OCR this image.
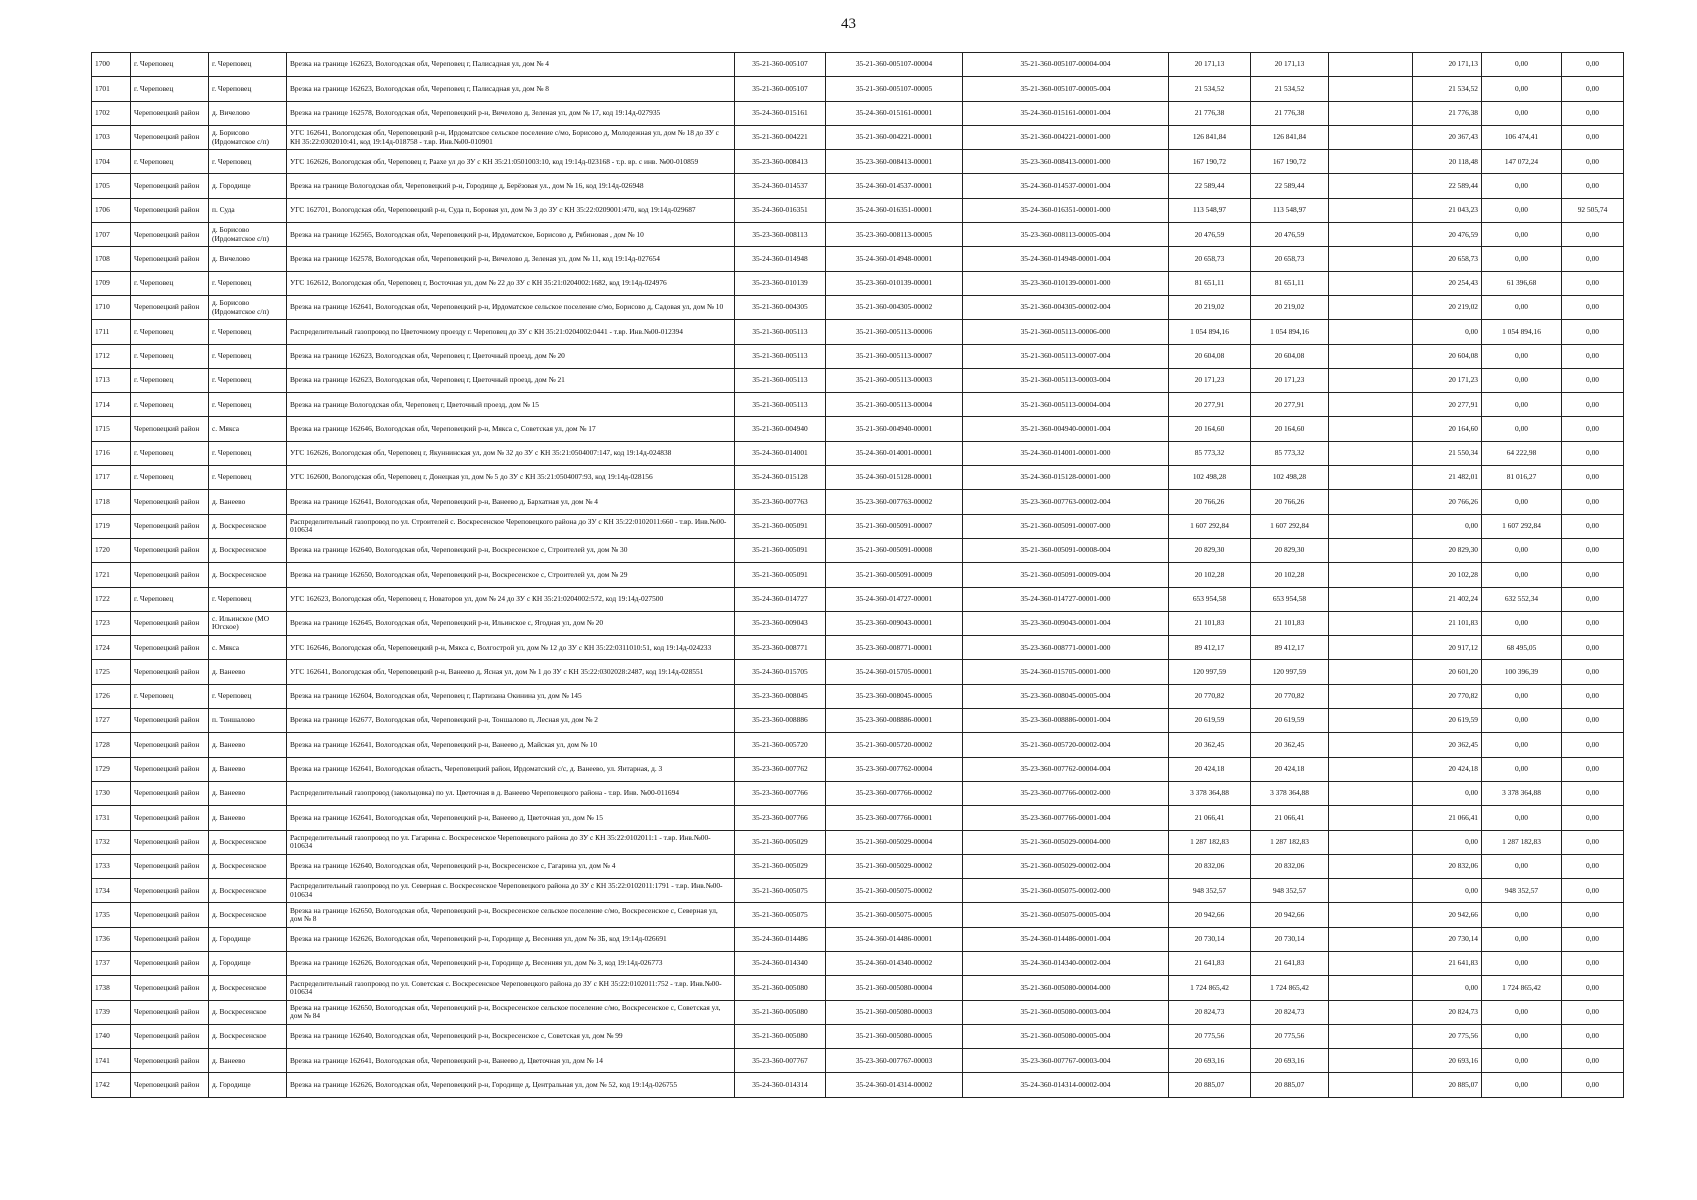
43
1700	г. Череповец	г. Череповец	Врезка на границе 162623, Вологодская обл, Череповец г, Палисадная ул, дом № 4	35-21-360-005107	35-21-360-005107-00004	35-21-360-005107-00004-004	20 171,13	20 171,13		20 171,13	0,00	0,00
1701	г. Череповец	г. Череповец	Врезка на границе 162623, Вологодская обл, Череповец г, Палисадная ул, дом № 8	35-21-360-005107	35-21-360-005107-00005	35-21-360-005107-00005-004	21 534,52	21 534,52		21 534,52	0,00	0,00
1702	Череповецкий район	д. Вичелово	Врезка на границе 162578, Вологодская обл, Череповецкий р-н, Вичелово д, Зеленая ул, дом № 17, код 19:14д-027935	35-24-360-015161	35-24-360-015161-00001	35-24-360-015161-00001-004	21 776,38	21 776,38		21 776,38	0,00	0,00
1703	Череповецкий район	д. Борисово (Ирдоматское с/п)	УГС 162641, Вологодская обл, Череповецкий р-н, Ирдоматское сельское поселение с/мо, Борисово д, Молодежная ул, дом № 18 до ЗУ с КН 35:22:0302010:41, код 19:14д-018758 - т.вр. Инв.№00-010901	35-21-360-004221	35-21-360-004221-00001	35-21-360-004221-00001-000	126 841,84	126 841,84		20 367,43	106 474,41	0,00
1704	г. Череповец	г. Череповец	УГС 162626, Вологодская обл, Череповец г, Раахе ул до ЗУ с КН 35:21:0501003:10, код 19:14д-023168 - т.р. вр. с инв. №00-010859	35-23-360-008413	35-23-360-008413-00001	35-23-360-008413-00001-000	167 190,72	167 190,72		20 118,48	147 072,24	0,00
1705	Череповецкий район	д. Городище	Врезка на границе Вологодская обл, Череповецкий р-н, Городище д, Берёзовая ул., дом № 16, код 19:14д-026948	35-24-360-014537	35-24-360-014537-00001	35-24-360-014537-00001-004	22 589,44	22 589,44		22 589,44	0,00	0,00
1706	Череповецкий район	п. Суда	УГС 162701, Вологодская обл, Череповецкий р-н, Суда п, Боровая ул, дом № 3 до ЗУ с КН 35:22:0209001:470, код 19:14д-029687	35-24-360-016351	35-24-360-016351-00001	35-24-360-016351-00001-000	113 548,97	113 548,97		21 043,23	0,00	92 505,74
1707	Череповецкий район	д. Борисово (Ирдоматское с/п)	Врезка на границе 162565, Вологодская обл, Череповецкий р-н, Ирдоматское, Борисово д, Рябиновая , дом № 10	35-23-360-008113	35-23-360-008113-00005	35-23-360-008113-00005-004	20 476,59	20 476,59		20 476,59	0,00	0,00
1708	Череповецкий район	д. Вичелово	Врезка на границе 162578, Вологодская обл, Череповецкий р-н, Вичелово д, Зеленая ул, дом № 11, код 19:14д-027654	35-24-360-014948	35-24-360-014948-00001	35-24-360-014948-00001-004	20 658,73	20 658,73		20 658,73	0,00	0,00
1709	г. Череповец	г. Череповец	УГС 162612, Вологодская обл, Череповец г, Восточная ул, дом № 22 до ЗУ с КН 35:21:0204002:1682, код 19:14д-024976	35-23-360-010139	35-23-360-010139-00001	35-23-360-010139-00001-000	81 651,11	81 651,11		20 254,43	61 396,68	0,00
1710	Череповецкий район	д. Борисово (Ирдоматское с/п)	Врезка на границе 162641, Вологодская обл, Череповецкий р-н, Ирдоматское сельское поселение с/мо, Борисово д, Садовая ул, дом № 10	35-21-360-004305	35-21-360-004305-00002	35-21-360-004305-00002-004	20 219,02	20 219,02		20 219,02	0,00	0,00
1711	г. Череповец	г. Череповец	Распределительный газопровод по Цветочному проезду г. Череповец до ЗУ с КН 35:21:0204002:0441 - т.вр. Инв.№00-012394	35-21-360-005113	35-21-360-005113-00006	35-21-360-005113-00006-000	1 054 894,16	1 054 894,16		0,00	1 054 894,16	0,00
1712	г. Череповец	г. Череповец	Врезка на границе 162623, Вологодская обл, Череповец г, Цветочный проезд, дом № 20	35-21-360-005113	35-21-360-005113-00007	35-21-360-005113-00007-004	20 604,08	20 604,08		20 604,08	0,00	0,00
1713	г. Череповец	г. Череповец	Врезка на границе 162623, Вологодская обл, Череповец г, Цветочный проезд, дом № 21	35-21-360-005113	35-21-360-005113-00003	35-21-360-005113-00003-004	20 171,23	20 171,23		20 171,23	0,00	0,00
1714	г. Череповец	г. Череповец	Врезка на границе Вологодская обл, Череповец г, Цветочный проезд, дом № 15	35-21-360-005113	35-21-360-005113-00004	35-21-360-005113-00004-004	20 277,91	20 277,91		20 277,91	0,00	0,00
1715	Череповецкий район	с. Мякса	Врезка на границе 162646, Вологодская обл, Череповецкий р-н, Мякса с, Советская ул, дом № 17	35-21-360-004940	35-21-360-004940-00001	35-21-360-004940-00001-004	20 164,60	20 164,60		20 164,60	0,00	0,00
1716	г. Череповец	г. Череповец	УГС 162626, Вологодская обл, Череповец г, Якуннинская ул, дом № 32 до ЗУ с КН 35:21:0504007:147, код 19:14д-024838	35-24-360-014001	35-24-360-014001-00001	35-24-360-014001-00001-000	85 773,32	85 773,32		21 550,34	64 222,98	0,00
1717	г. Череповец	г. Череповец	УГС 162600, Вологодская обл, Череповец г, Донецкая ул, дом № 5 до ЗУ с КН 35:21:0504007:93, код 19:14д-028156	35-24-360-015128	35-24-360-015128-00001	35-24-360-015128-00001-000	102 498,28	102 498,28		21 482,01	81 016,27	0,00
1718	Череповецкий район	д. Ванеево	Врезка на границе 162641, Вологодская обл, Череповецкий р-н, Ванеево д, Бархатная ул, дом № 4	35-23-360-007763	35-23-360-007763-00002	35-23-360-007763-00002-004	20 766,26	20 766,26		20 766,26	0,00	0,00
1719	Череповецкий район	д. Воскресенское	Распределительный газопровод по ул. Строителей с. Воскресенское Череповецкого района до ЗУ с КН 35:22:0102011:660 - т.вр. Инв.№00-010634	35-21-360-005091	35-21-360-005091-00007	35-21-360-005091-00007-000	1 607 292,84	1 607 292,84		0,00	1 607 292,84	0,00
1720	Череповецкий район	д. Воскресенское	Врезка на границе 162640, Вологодская обл, Череповецкий р-н, Воскресенское с, Строителей ул, дом № 30	35-21-360-005091	35-21-360-005091-00008	35-21-360-005091-00008-004	20 829,30	20 829,30		20 829,30	0,00	0,00
1721	Череповецкий район	д. Воскресенское	Врезка на границе 162650, Вологодская обл, Череповецкий р-н, Воскресенское с, Строителей ул, дом № 29	35-21-360-005091	35-21-360-005091-00009	35-21-360-005091-00009-004	20 102,28	20 102,28		20 102,28	0,00	0,00
1722	г. Череповец	г. Череповец	УГС 162623, Вологодская обл, Череповец г, Новаторов ул, дом № 24 до ЗУ с КН 35:21:0204002:572, код 19:14д-027500	35-24-360-014727	35-24-360-014727-00001	35-24-360-014727-00001-000	653 954,58	653 954,58		21 402,24	632 552,34	0,00
1723	Череповецкий район	с. Ильинское (МО Югское)	Врезка на границе 162645, Вологодская обл, Череповецкий р-н, Ильинское с, Ягодная ул, дом № 20	35-23-360-009043	35-23-360-009043-00001	35-23-360-009043-00001-004	21 101,83	21 101,83		21 101,83	0,00	0,00
1724	Череповецкий район	с. Мякса	УГС 162646, Вологодская обл, Череповецкий р-н, Мякса с, Волгострой ул, дом № 12 до ЗУ с КН 35:22:0311010:51, код 19:14д-024233	35-23-360-008771	35-23-360-008771-00001	35-23-360-008771-00001-000	89 412,17	89 412,17		20 917,12	68 495,05	0,00
1725	Череповецкий район	д. Ванеево	УГС 162641, Вологодская обл, Череповецкий р-н, Ванеево д, Ясная ул, дом № 1 до ЗУ с КН 35:22:0302028:2487, код 19:14д-028551	35-24-360-015705	35-24-360-015705-00001	35-24-360-015705-00001-000	120 997,59	120 997,59		20 601,20	100 396,39	0,00
1726	г. Череповец	г. Череповец	Врезка на границе 162604, Вологодская обл, Череповец г, Партизана Окинина ул, дом № 145	35-23-360-008045	35-23-360-008045-00005	35-23-360-008045-00005-004	20 770,82	20 770,82		20 770,82	0,00	0,00
1727	Череповецкий район	п. Тоншалово	Врезка на границе 162677, Вологодская обл, Череповецкий р-н, Тоншалово п, Лесная ул, дом № 2	35-23-360-008886	35-23-360-008886-00001	35-23-360-008886-00001-004	20 619,59	20 619,59		20 619,59	0,00	0,00
1728	Череповецкий район	д. Ванеево	Врезка на границе 162641, Вологодская обл, Череповецкий р-н, Ванеево д, Майская ул, дом № 10	35-21-360-005720	35-21-360-005720-00002	35-21-360-005720-00002-004	20 362,45	20 362,45		20 362,45	0,00	0,00
1729	Череповецкий район	д. Ванеево	Врезка на границе 162641, Вологодская область, Череповецкий район, Ирдоматский с/с, д. Ванеево, ул. Янтарная, д. 3	35-23-360-007762	35-23-360-007762-00004	35-23-360-007762-00004-004	20 424,18	20 424,18		20 424,18	0,00	0,00
1730	Череповецкий район	д. Ванеево	Распределительный газопровод (закольцовка) по ул. Цветочная в д. Ванеево Череповецкого района - т.вр. Инв. №00-011694	35-23-360-007766	35-23-360-007766-00002	35-23-360-007766-00002-000	3 378 364,88	3 378 364,88		0,00	3 378 364,88	0,00
1731	Череповецкий район	д. Ванеево	Врезка на границе 162641, Вологодская обл, Череповецкий р-н, Ванеево д, Цветочная ул, дом № 15	35-23-360-007766	35-23-360-007766-00001	35-23-360-007766-00001-004	21 066,41	21 066,41		21 066,41	0,00	0,00
1732	Череповецкий район	д. Воскресенское	Распределительный газопровод по ул. Гагарина с. Воскресенское Череповецкого района до ЗУ с КН 35:22:0102011:1 - т.вр. Инв.№00-010634	35-21-360-005029	35-21-360-005029-00004	35-21-360-005029-00004-000	1 287 182,83	1 287 182,83		0,00	1 287 182,83	0,00
1733	Череповецкий район	д. Воскресенское	Врезка на границе 162640, Вологодская обл, Череповецкий р-н, Воскресенское с, Гагарина ул, дом № 4	35-21-360-005029	35-21-360-005029-00002	35-21-360-005029-00002-004	20 832,06	20 832,06		20 832,06	0,00	0,00
1734	Череповецкий район	д. Воскресенское	Распределительный газопровод по ул. Северная с. Воскресенское Череповецкого района до ЗУ с КН 35:22:0102011:1791 - т.вр. Инв.№00-010634	35-21-360-005075	35-21-360-005075-00002	35-21-360-005075-00002-000	948 352,57	948 352,57		0,00	948 352,57	0,00
1735	Череповецкий район	д. Воскресенское	Врезка на границе 162650, Вологодская обл, Череповецкий р-н, Воскресенское сельское поселение с/мо, Воскресенское с, Северная ул, дом № 8	35-21-360-005075	35-21-360-005075-00005	35-21-360-005075-00005-004	20 942,66	20 942,66		20 942,66	0,00	0,00
1736	Череповецкий район	д. Городище	Врезка на границе 162626, Вологодская обл, Череповецкий р-н, Городище д, Весенняя ул, дом № 3Б, код 19:14д-026691	35-24-360-014486	35-24-360-014486-00001	35-24-360-014486-00001-004	20 730,14	20 730,14		20 730,14	0,00	0,00
1737	Череповецкий район	д. Городище	Врезка на границе 162626, Вологодская обл, Череповецкий р-н, Городище д, Весенняя ул, дом № 3, код 19:14д-026773	35-24-360-014340	35-24-360-014340-00002	35-24-360-014340-00002-004	21 641,83	21 641,83		21 641,83	0,00	0,00
1738	Череповецкий район	д. Воскресенское	Распределительный газопровод по ул. Советская с. Воскресенское Череповецкого района до ЗУ с КН 35:22:0102011:752 - т.вр. Инв.№00-010634	35-21-360-005080	35-21-360-005080-00004	35-21-360-005080-00004-000	1 724 865,42	1 724 865,42		0,00	1 724 865,42	0,00
1739	Череповецкий район	д. Воскресенское	Врезка на границе 162650, Вологодская обл, Череповецкий р-н, Воскресенское сельское поселение с/мо, Воскресенское с, Советская ул, дом № 84	35-21-360-005080	35-21-360-005080-00003	35-21-360-005080-00003-004	20 824,73	20 824,73		20 824,73	0,00	0,00
1740	Череповецкий район	д. Воскресенское	Врезка на границе 162640, Вологодская обл, Череповецкий р-н, Воскресенское с, Советская ул, дом № 99	35-21-360-005080	35-21-360-005080-00005	35-21-360-005080-00005-004	20 775,56	20 775,56		20 775,56	0,00	0,00
1741	Череповецкий район	д. Ванеево	Врезка на границе 162641, Вологодская обл, Череповецкий р-н, Ванеево д, Цветочная ул, дом № 14	35-23-360-007767	35-23-360-007767-00003	35-23-360-007767-00003-004	20 693,16	20 693,16		20 693,16	0,00	0,00
1742	Череповецкий район	д. Городище	Врезка на границе 162626, Вологодская обл, Череповецкий р-н, Городище д, Центральная ул, дом № 52, код 19:14д-026755	35-24-360-014314	35-24-360-014314-00002	35-24-360-014314-00002-004	20 885,07	20 885,07		20 885,07	0,00	0,00
